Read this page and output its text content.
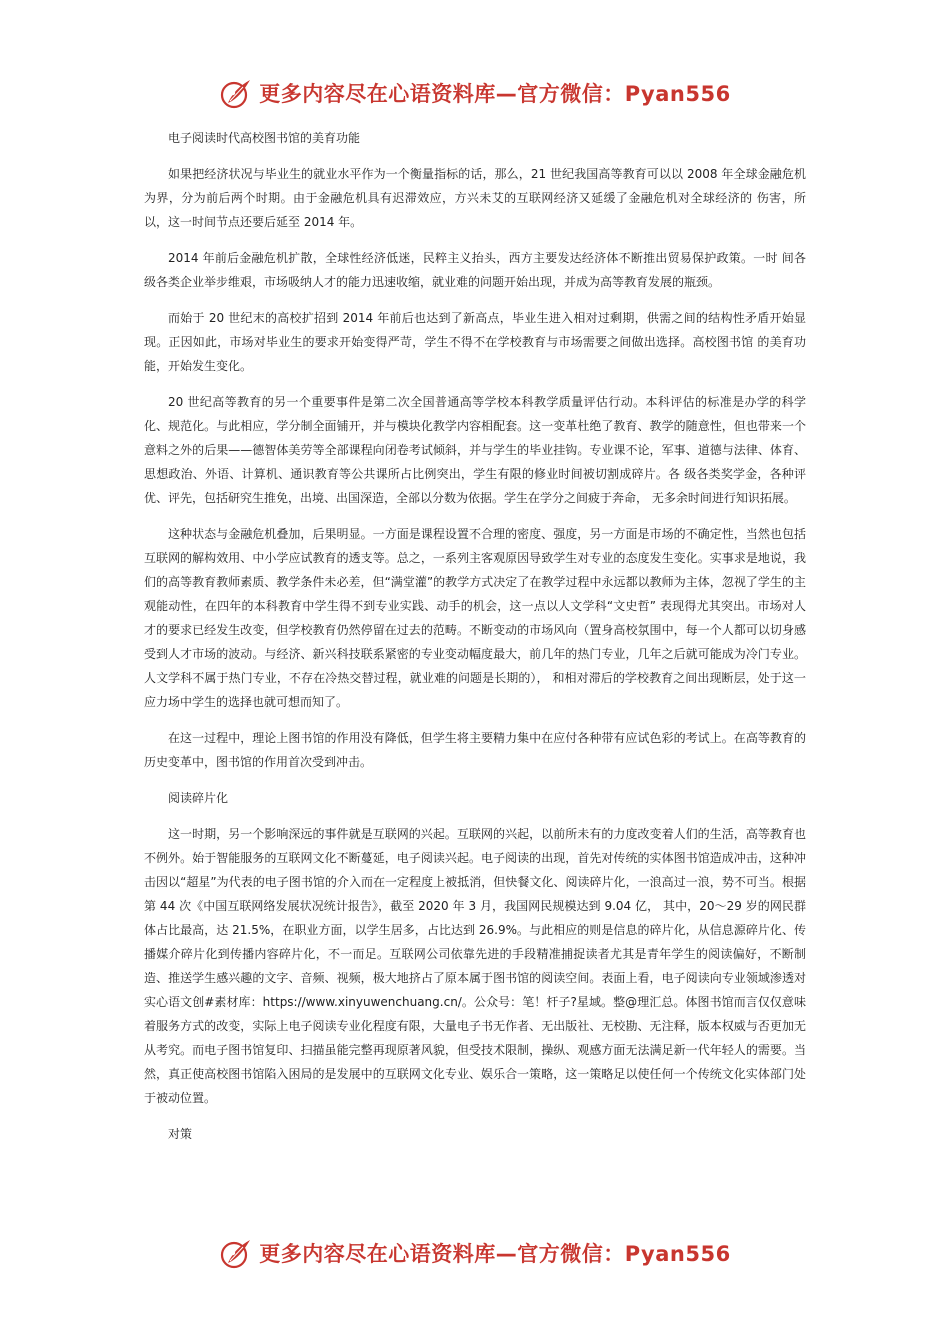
更多内容尽在心语资料库—官方微信：Pyan556

电子阅读时代高校图书馆的美育功能

如果把经济状况与毕业生的就业水平作为一个衡量指标的话，那么，21 世纪我国高等教育可以以 2008 年全球金融危机为界，分为前后两个时期。由于金融危机具有迟滞效应，方兴未艾的互联网经济又延缓了金融危机对全球经济的 伤害，所以，这一时间节点还要后延至 2014 年。

2014 年前后金融危机扩散，全球性经济低迷，民粹主义抬头，西方主要发达经济体不断推出贸易保护政策。一时 间各级各类企业举步维艰，市场吸纳人才的能力迅速收缩，就业难的问题开始出现，并成为高等教育发展的瓶颈。

而始于 20 世纪末的高校扩招到 2014 年前后也达到了新高点，毕业生进入相对过剩期，供需之间的结构性矛盾开始显现。正因如此，市场对毕业生的要求开始变得严苛，学生不得不在学校教育与市场需要之间做出选择。高校图书馆 的美育功能，开始发生变化。

20 世纪高等教育的另一个重要事件是第二次全国普通高等学校本科教学质量评估行动。本科评估的标准是办学的科学化、规范化。与此相应，学分制全面铺开，并与模块化教学内容相配套。这一变革杜绝了教育、教学的随意性，但也带来一个意料之外的后果——德智体美劳等全部课程向闭卷考试倾斜，并与学生的毕业挂钩。专业课不论，军事、道德与法律、体育、思想政治、外语、计算机、通识教育等公共课所占比例突出，学生有限的修业时间被切割成碎片。各 级各类奖学金，各种评优、评先，包括研究生推免，出境、出国深造，全部以分数为依据。学生在学分之间疲于奔命， 无多余时间进行知识拓展。

这种状态与金融危机叠加，后果明显。一方面是课程设置不合理的密度、强度，另一方面是市场的不确定性，当然也包括互联网的解构效用、中小学应试教育的透支等。总之，一系列主客观原因导致学生对专业的态度发生变化。实事求是地说，我们的高等教育教师素质、教学条件未必差，但“满堂灌”的教学方式决定了在教学过程中永远都以教师为主体，忽视了学生的主观能动性，在四年的本科教育中学生得不到专业实践、动手的机会，这一点以人文学科“文史哲” 表现得尤其突出。市场对人才的要求已经发生改变，但学校教育仍然停留在过去的范畴。不断变动的市场风向（置身高校氛围中，每一个人都可以切身感受到人才市场的波动。与经济、新兴科技联系紧密的专业变动幅度最大，前几年的热门专业，几年之后就可能成为冷门专业。人文学科不属于热门专业，不存在冷热交替过程，就业难的问题是长期的）， 和相对滞后的学校教育之间出现断层，处于这一应力场中学生的选择也就可想而知了。

在这一过程中，理论上图书馆的作用没有降低，但学生将主要精力集中在应付各种带有应试色彩的考试上。在高等教育的历史变革中，图书馆的作用首次受到冲击。

阅读碎片化

这一时期，另一个影响深远的事件就是互联网的兴起。互联网的兴起，以前所未有的力度改变着人们的生活，高等教育也不例外。始于智能服务的互联网文化不断蔓延，电子阅读兴起。电子阅读的出现，首先对传统的实体图书馆造成冲击，这种冲击因以“超星”为代表的电子图书馆的介入而在一定程度上被抵消，但快餐文化、阅读碎片化，一浪高过一浪，势不可当。根据第 44 次《中国互联网络发展状况统计报告》，截至 2020 年 3 月，我国网民规模达到 9.04 亿， 其中，20～29 岁的网民群体占比最高，达 21.5%，在职业方面，以学生居多，占比达到 26.9%。与此相应的则是信息的碎片化，从信息源碎片化、传播媒介碎片化到传播内容碎片化，不一而足。互联网公司依靠先进的手段精准捕捉读者尤其是青年学生的阅读偏好，不断制造、推送学生感兴趣的文字、音频、视频，极大地挤占了原本属于图书馆的阅读空间。表面上看，电子阅读向专业领域渗透对实心语文创#素材库：https://www.xinyuwenchuang.cn/。公众号：笔！杆子?星域。整@理汇总。体图书馆而言仅仅意味着服务方式的改变，实际上电子阅读专业化程度有限，大量电子书无作者、无出版社、无校勘、无注释，版本权威与否更加无从考究。而电子图书馆复印、扫描虽能完整再现原著风貌，但受技术限制，操纵、观感方面无法满足新一代年轻人的需要。当然，真正使高校图书馆陷入困局的是发展中的互联网文化专业、娱乐合一策略，这一策略足以使任何一个传统文化实体部门处于被动位置。

对策

更多内容尽在心语资料库—官方微信：Pyan556
